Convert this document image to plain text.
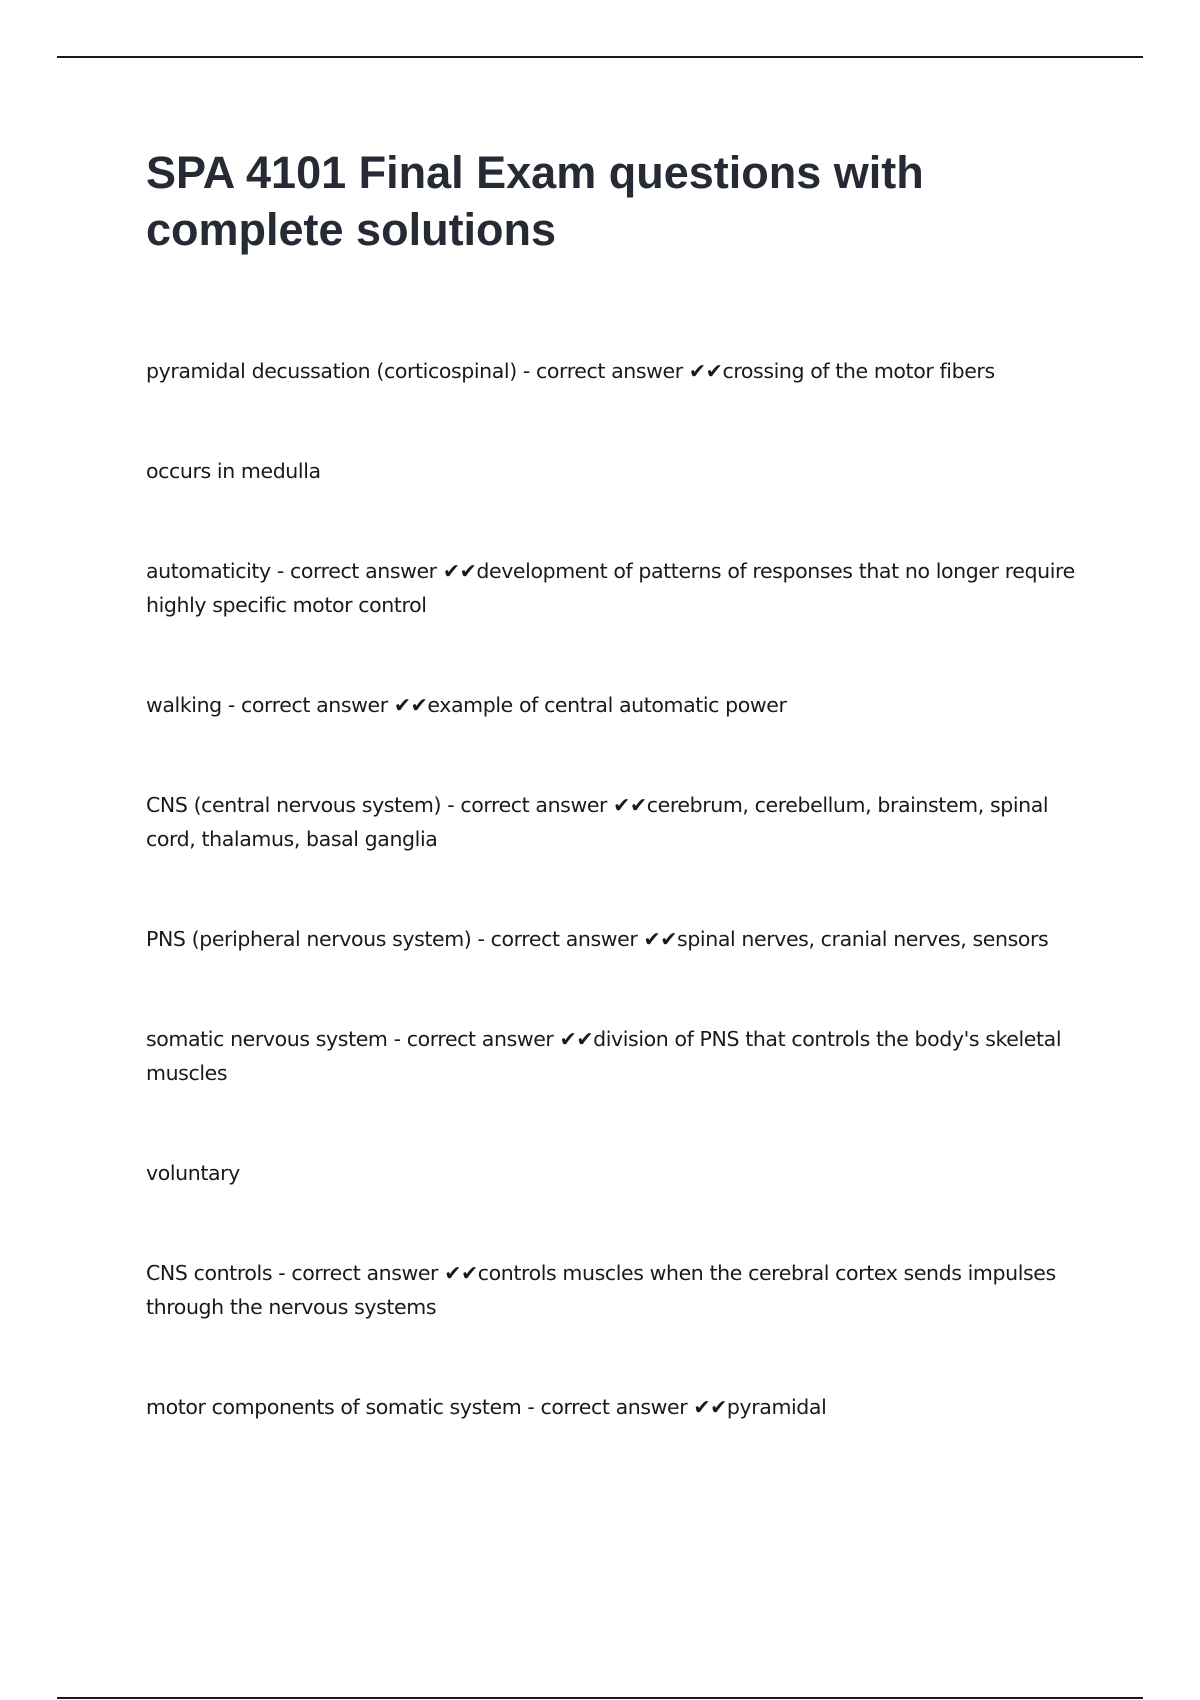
SPA 4101 Final Exam questions with complete solutions

pyramidal decussation (corticospinal) - correct answer ✔✔crossing of the motor fibers

occurs in medulla

automaticity - correct answer ✔✔development of patterns of responses that no longer require highly specific motor control

walking - correct answer ✔✔example of central automatic power

CNS (central nervous system) - correct answer ✔✔cerebrum, cerebellum, brainstem, spinal cord, thalamus, basal ganglia

PNS (peripheral nervous system) - correct answer ✔✔spinal nerves, cranial nerves, sensors

somatic nervous system - correct answer ✔✔division of PNS that controls the body's skeletal muscles

voluntary

CNS controls - correct answer ✔✔controls muscles when the cerebral cortex sends impulses through the nervous systems

motor components of somatic system - correct answer ✔✔pyramidal
